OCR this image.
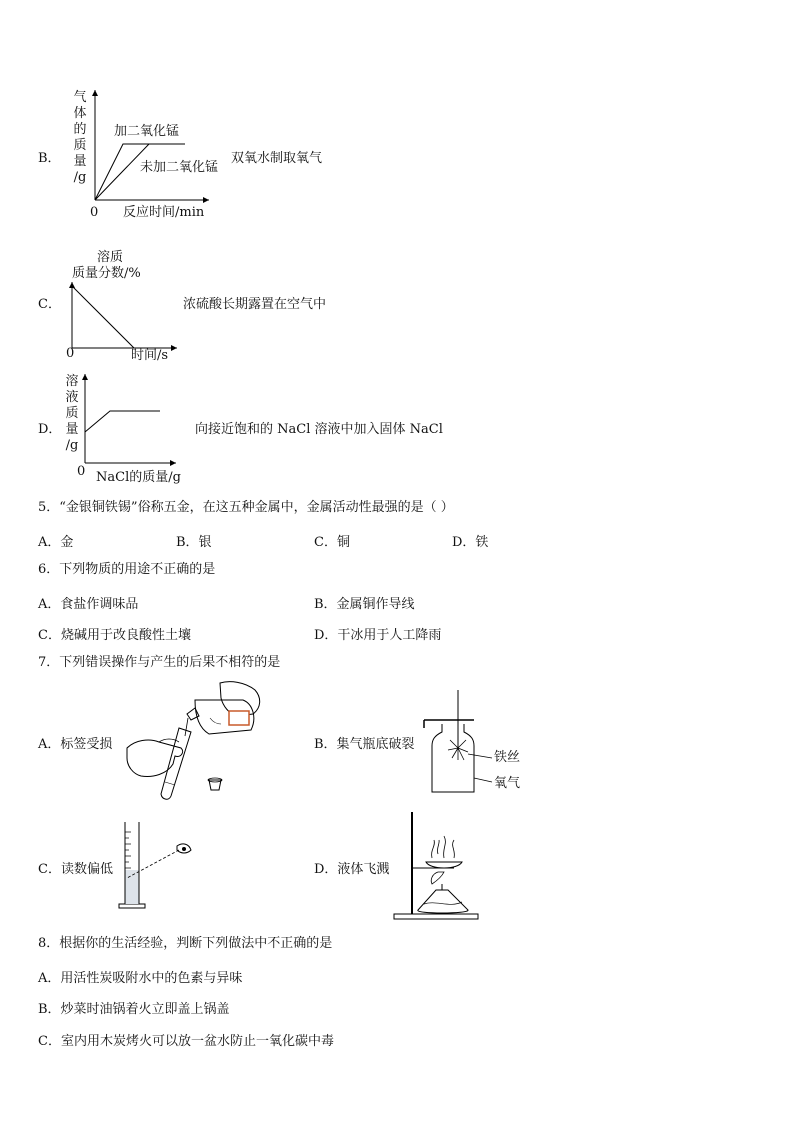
B．
气
体
的
质
量
/g
加二氧化锰
未加二氧化锰
双氧水制取氧气
0 反应时间/min
C．
溶质
质量分数/%
浓硫酸长期露置在空气中
0	时间/s
D．
溶
液
质
量
/g
向接近饱和的 NaCl 溶液中加入固体 NaCl
0 NaCl的质量/g
5．“金银铜铁锡”俗称五金，在这五种金属中，金属活动性最强的是（ ）
A．金	B．银	C．铜	D．铁
6．下列物质的用途不正确的是
A．食盐作调味品	B．金属铜作导线
C．烧碱用于改良酸性土壤	D．干冰用于人工降雨
7．下列错误操作与产生的后果不相符的是
A．标签受损	B．集气瓶底破裂
铁丝
氧气
C．读数偏低	D．液体飞溅
8．根据你的生活经验，判断下列做法中不正确的是
A．用活性炭吸附水中的色素与异味
B．炒菜时油锅着火立即盖上锅盖
C．室内用木炭烤火可以放一盆水防止一氧化碳中毒
